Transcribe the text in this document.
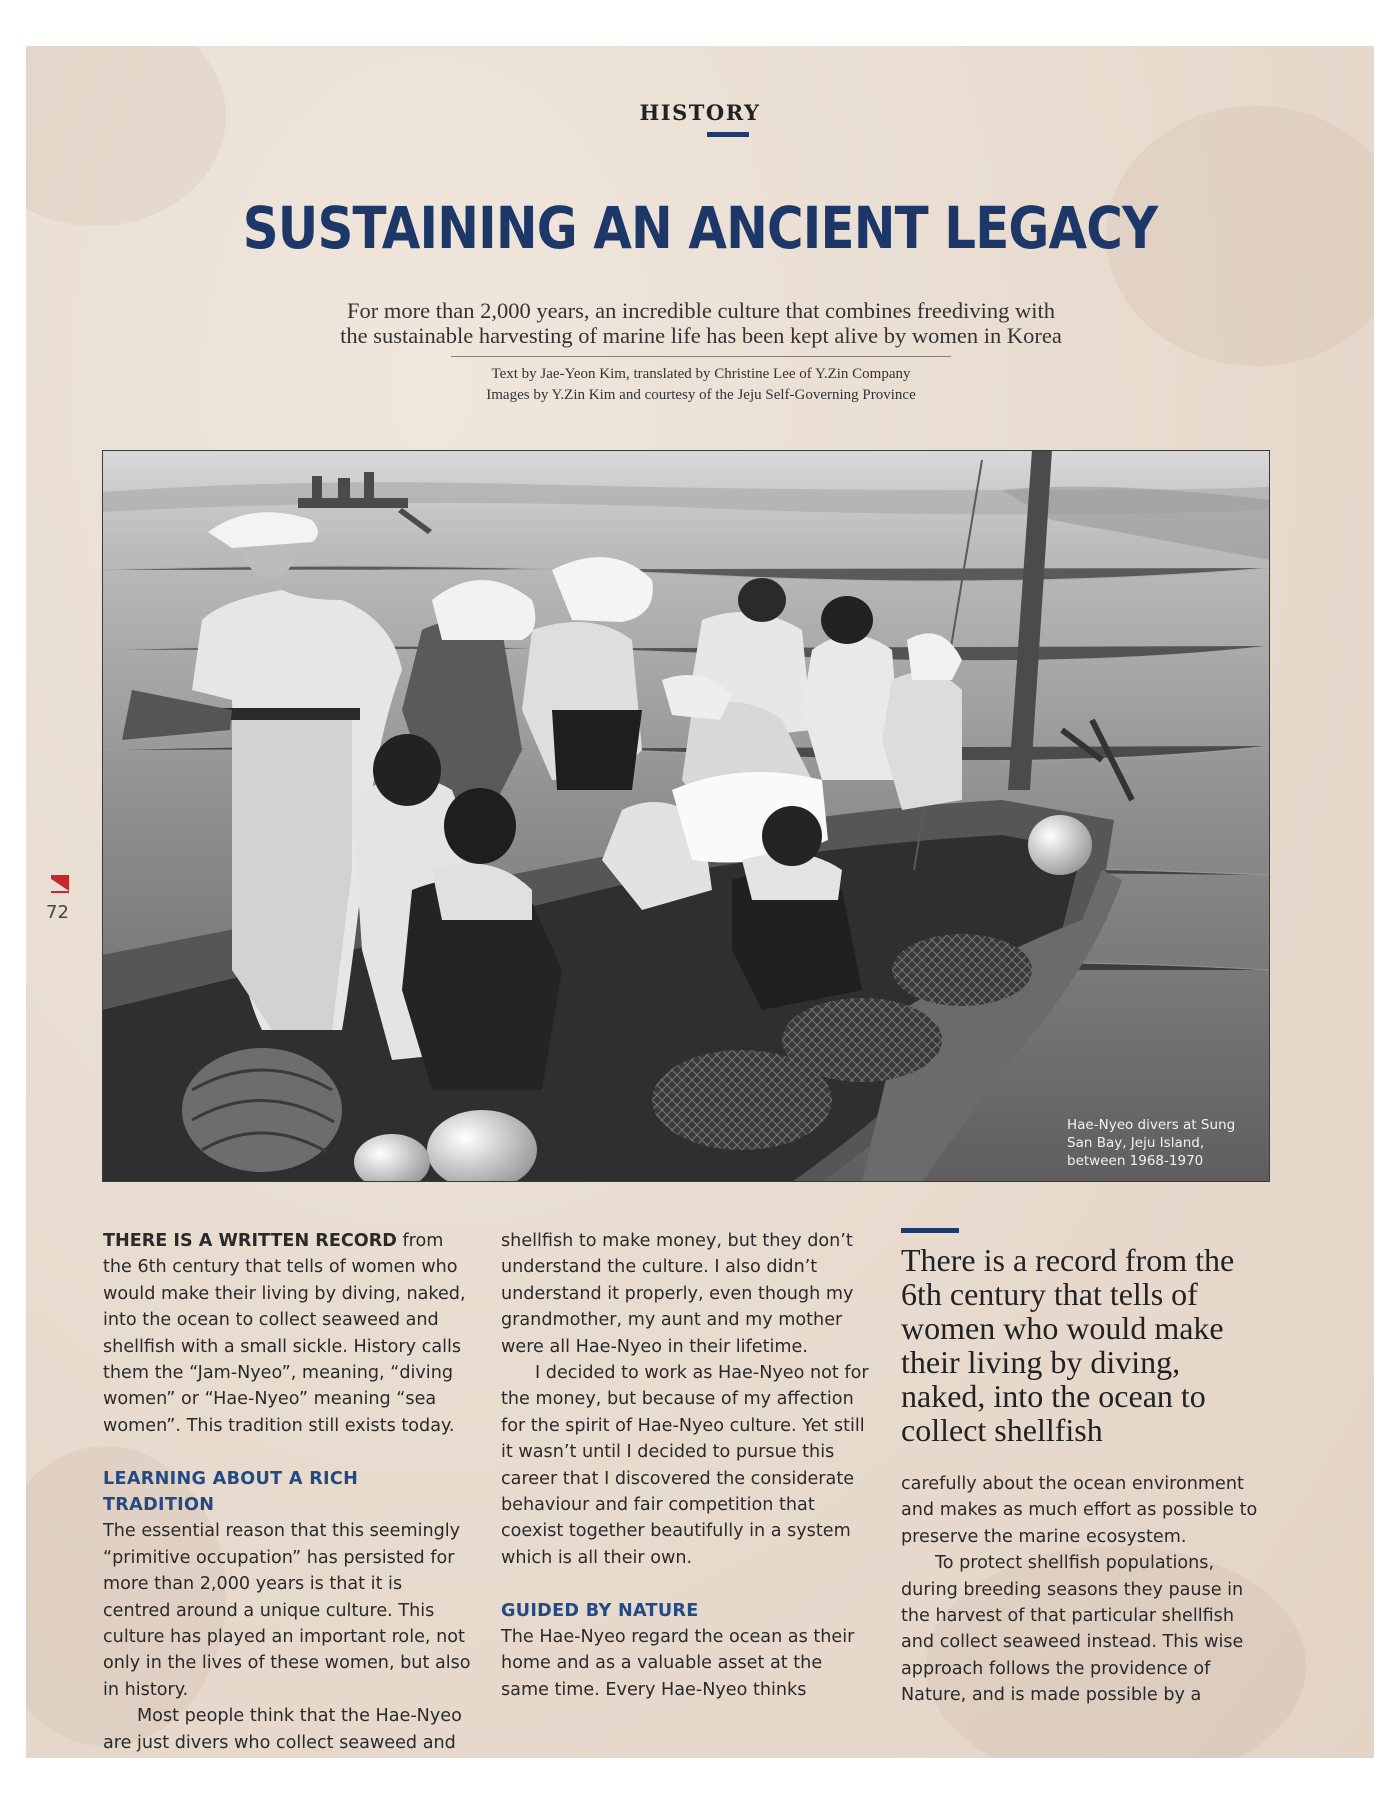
HISTORY
SUSTAINING AN ANCIENT LEGACY
For more than 2,000 years, an incredible culture that combines freediving with
the sustainable harvesting of marine life has been kept alive by women in Korea
Text by Jae-Yeon Kim, translated by Christine Lee of Y.Zin Company
Images by Y.Zin Kim and courtesy of the Jeju Self-Governing Province
Hae-Nyeo divers at Sung
San Bay, Jeju Island,
between 1968-1970
72

THERE IS A WRITTEN RECORD from the 6th century that tells of women who would make their living by diving, naked, into the ocean to collect seaweed and shellfish with a small sickle. History calls them the “Jam-Nyeo”, meaning, “diving women” or “Hae-Nyeo” meaning “sea women”. This tradition still exists today.

LEARNING ABOUT A RICH TRADITION

The essential reason that this seemingly “primitive occupation” has persisted for more than 2,000 years is that it is centred around a unique culture. This culture has played an important role, not only in the lives of these women, but also in history.

Most people think that the Hae-Nyeo are just divers who collect seaweed and

shellfish to make money, but they don’t understand the culture. I also didn’t understand it properly, even though my grandmother, my aunt and my mother were all Hae-Nyeo in their lifetime.

I decided to work as Hae-Nyeo not for the money, but because of my affection for the spirit of Hae-Nyeo culture. Yet still it wasn’t until I decided to pursue this career that I discovered the considerate behaviour and fair competition that coexist together beautifully in a system which is all their own.

GUIDED BY NATURE

The Hae-Nyeo regard the ocean as their home and as a valuable asset at the same time. Every Hae-Nyeo thinks

There is a record from the 6th century that tells of women who would make their living by diving, naked, into the ocean to collect shellfish

carefully about the ocean environment and makes as much effort as possible to preserve the marine ecosystem.

To protect shellfish populations, during breeding seasons they pause in the harvest of that particular shellfish and collect seaweed instead. This wise approach follows the providence of Nature, and is made possible by a
